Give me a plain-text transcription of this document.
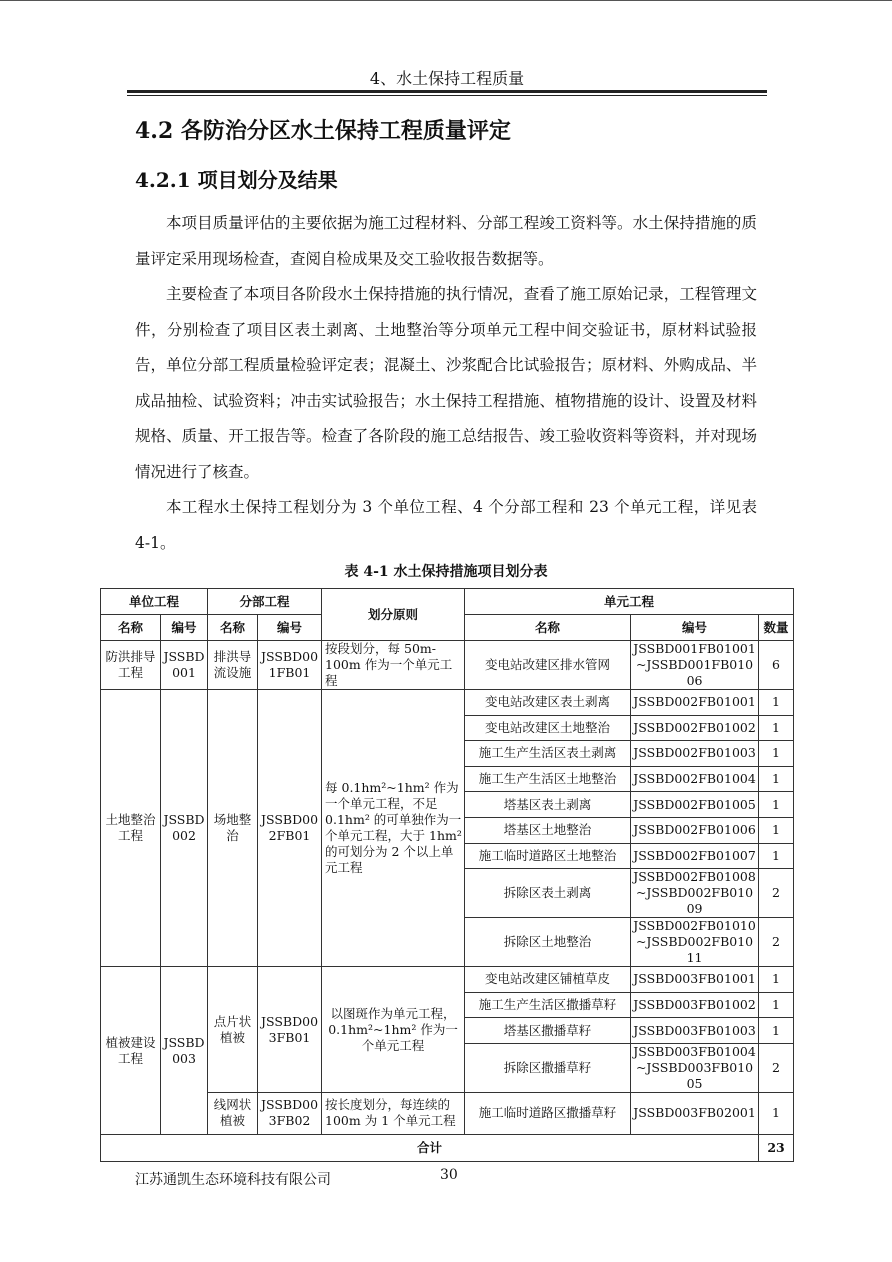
4、水土保持工程质量
4.2 各防治分区水土保持工程质量评定
4.2.1 项目划分及结果

本项目质量评估的主要依据为施工过程材料、分部工程竣工资料等。水土保持措施的质量评定采用现场检查，查阅自检成果及交工验收报告数据等。

主要检查了本项目各阶段水土保持措施的执行情况，查看了施工原始记录，工程管理文件，分别检查了项目区表土剥离、土地整治等分项单元工程中间交验证书，原材料试验报告，单位分部工程质量检验评定表；混凝土、沙浆配合比试验报告；原材料、外购成品、半成品抽检、试验资料；冲击实试验报告；水土保持工程措施、植物措施的设计、设置及材料规格、质量、开工报告等。检查了各阶段的施工总结报告、竣工验收资料等资料，并对现场情况进行了核查。

本工程水土保持工程划分为 3 个单位工程、4 个分部工程和 23 个单元工程，详见表 4-1。

表 4-1 水土保持措施项目划分表
单位工程		分部工程		划分原则	单元工程		
名称	编号	名称	编号		名称	编号	数量
防洪排导工程	JSSBD001	排洪导流设施	JSSBD001FB01	按段划分，每 50m-100m 作为一个单元工程	变电站改建区排水管网	JSSBD001FB01001~JSSBD001FB01006	6
土地整治工程	JSSBD002	场地整治	JSSBD002FB01	每 0.1hm²~1hm² 作为一个单元工程，不足 0.1hm² 的可单独作为一个单元工程，大于 1hm² 的可划分为 2 个以上单元工程	变电站改建区表土剥离	JSSBD002FB01001	1
					变电站改建区土地整治	JSSBD002FB01002	1
					施工生产生活区表土剥离	JSSBD002FB01003	1
					施工生产生活区土地整治	JSSBD002FB01004	1
					塔基区表土剥离	JSSBD002FB01005	1
					塔基区土地整治	JSSBD002FB01006	1
					施工临时道路区土地整治	JSSBD002FB01007	1
					拆除区表土剥离	JSSBD002FB01008~JSSBD002FB01009	2
					拆除区土地整治	JSSBD002FB01010~JSSBD002FB01011	2
植被建设工程	JSSBD003	点片状植被	JSSBD003FB01	以图斑作为单元工程，0.1hm²~1hm² 作为一个单元工程	变电站改建区铺植草皮	JSSBD003FB01001	1
					施工生产生活区撒播草籽	JSSBD003FB01002	1
					塔基区撒播草籽	JSSBD003FB01003	1
					拆除区撒播草籽	JSSBD003FB01004~JSSBD003FB01005	2
		线网状植被	JSSBD003FB02	按长度划分，每连续的 100m 为 1 个单元工程	施工临时道路区撒播草籽	JSSBD003FB02001	1
合计							23
江苏通凯生态环境科技有限公司	30
